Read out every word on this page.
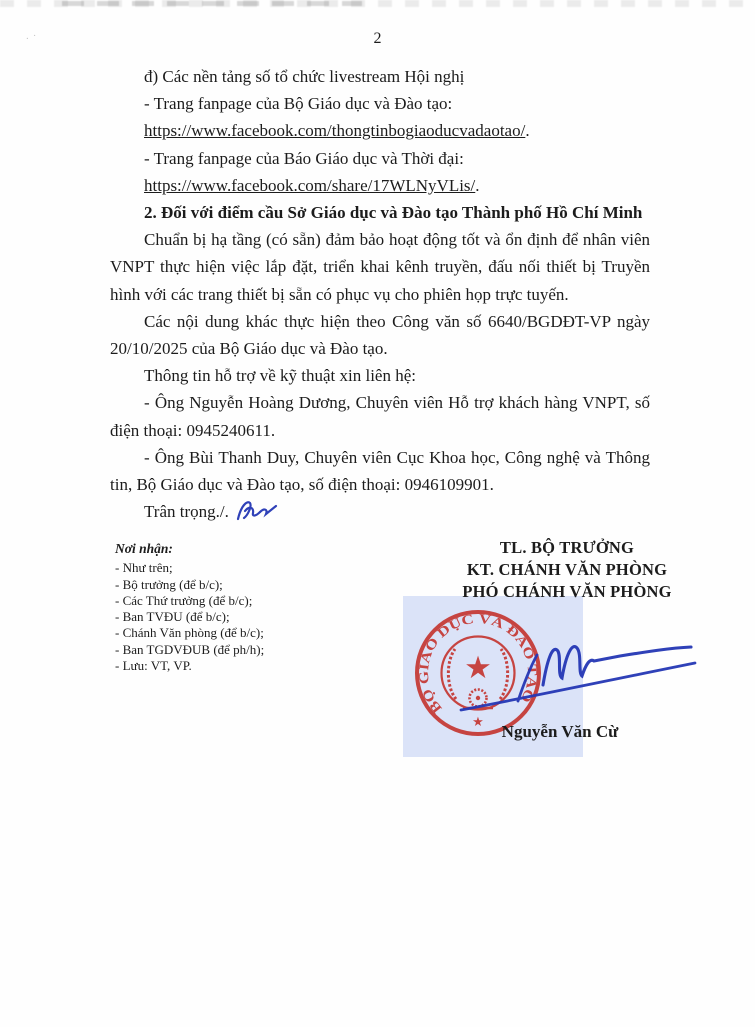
.·	2

đ) Các nền tảng số tổ chức livestream Hội nghị

- Trang fanpage của Bộ Giáo dục và Đào tạo:

https://www.facebook.com/thongtinbogiaoducvadaotao/.

- Trang fanpage của Báo Giáo dục và Thời đại:

https://www.facebook.com/share/17WLNyVLis/.

2. Đối với điểm cầu Sở Giáo dục và Đào tạo Thành phố Hồ Chí Minh

Chuẩn bị hạ tầng (có sẵn) đảm bảo hoạt động tốt và ổn định để nhân viên VNPT thực hiện việc lắp đặt, triển khai kênh truyền, đấu nối thiết bị Truyền hình với các trang thiết bị sẵn có phục vụ cho phiên họp trực tuyến.

Các nội dung khác thực hiện theo Công văn số 6640/BGDĐT-VP ngày 20/10/2025 của Bộ Giáo dục và Đào tạo.

Thông tin hỗ trợ về kỹ thuật xin liên hệ:

- Ông Nguyễn Hoàng Dương, Chuyên viên Hỗ trợ khách hàng VNPT, số điện thoại: 0945240611.

- Ông Bùi Thanh Duy, Chuyên viên Cục Khoa học, Công nghệ và Thông tin, Bộ Giáo dục và Đào tạo, số điện thoại: 0946109901.

Trân trọng./.

Nơi nhận:
- Như trên;
- Bộ trưởng (để b/c);
- Các Thứ trưởng (để b/c);
- Ban TVĐU (để b/c);
- Chánh Văn phòng (để b/c);
- Ban TGDVĐUB (để ph/h);
- Lưu: VT, VP.
TL. BỘ TRƯỞNG
KT. CHÁNH VĂN PHÒNG
PHÓ CHÁNH VĂN PHÒNG
BỘ GIÁO DỤC VÀ ĐÀO TẠO
★
★
Nguyễn Văn Cừ
